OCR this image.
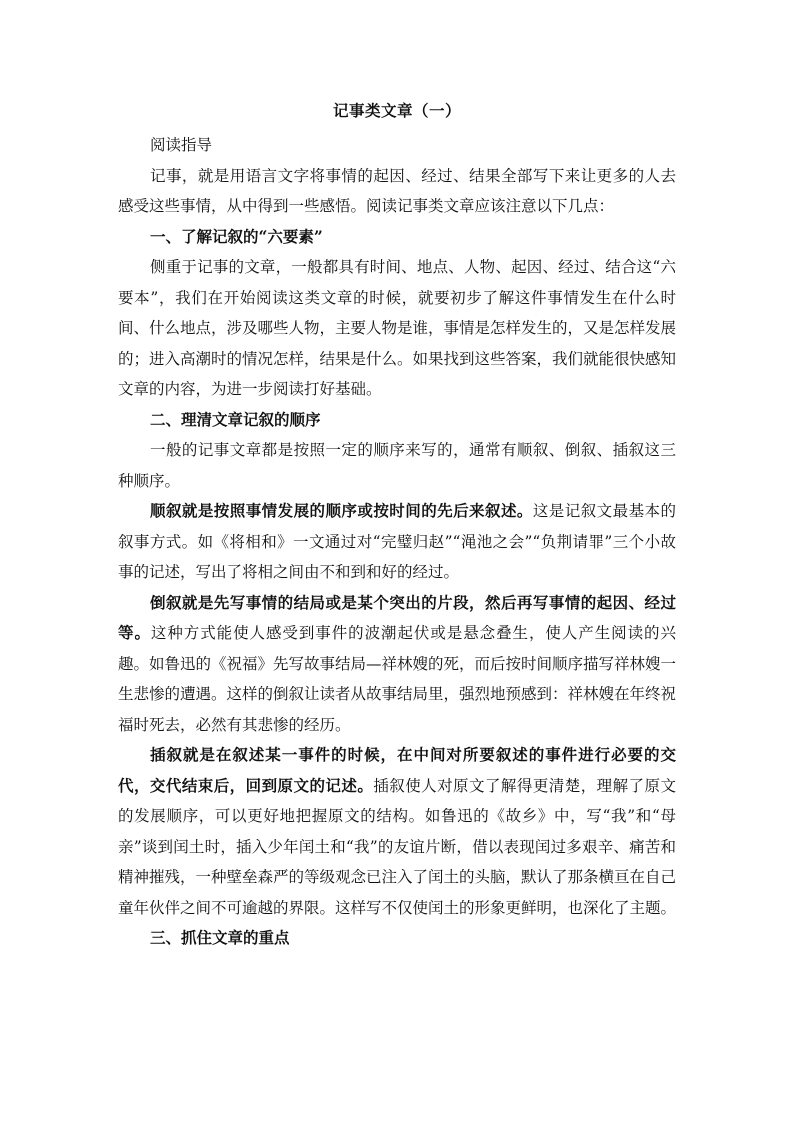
记事类文章（一）

阅读指导

记事，就是用语言文字将事情的起因、经过、结果全部写下来让更多的人去感受这些事情，从中得到一些感悟。阅读记事类文章应该注意以下几点：

一、了解记叙的“六要素”

侧重于记事的文章，一般都具有时间、地点、人物、起因、经过、结合这“六要本”，我们在开始阅读这类文章的时候，就要初步了解这件事情发生在什么时间、什么地点，涉及哪些人物，主要人物是谁，事情是怎样发生的，又是怎样发展的；进入高潮时的情况怎样，结果是什么。如果找到这些答案，我们就能很快感知文章的内容，为进一步阅读打好基础。

二、理清文章记叙的顺序

一般的记事文章都是按照一定的顺序来写的，通常有顺叙、倒叙、插叙这三种顺序。

顺叙就是按照事情发展的顺序或按时间的先后来叙述。这是记叙文最基本的叙事方式。如《将相和》一文通过对“完璧归赵”“渑池之会”“负荆请罪”三个小故事的记述，写出了将相之间由不和到和好的经过。

倒叙就是先写事情的结局或是某个突出的片段，然后再写事情的起因、经过等。这种方式能使人感受到事件的波潮起伏或是悬念叠生，使人产生阅读的兴趣。如鲁迅的《祝福》先写故事结局—祥林嫂的死，而后按时间顺序描写祥林嫂一生悲惨的遭遇。这样的倒叙让读者从故事结局里，强烈地预感到：祥林嫂在年终祝福时死去，必然有其悲惨的经历。

插叙就是在叙述某一事件的时候，在中间对所要叙述的事件进行必要的交代，交代结束后，回到原文的记述。插叙使人对原文了解得更清楚，理解了原文的发展顺序，可以更好地把握原文的结构。如鲁迅的《故乡》中，写“我”和“母亲”谈到闰土时，插入少年闰土和“我”的友谊片断，借以表现闰过多艰辛、痛苦和精神摧残，一种壁垒森严的等级观念已注入了闰土的头脑，默认了那条横亘在自己童年伙伴之间不可逾越的界限。这样写不仅使闰土的形象更鲜明，也深化了主题。

三、抓住文章的重点
